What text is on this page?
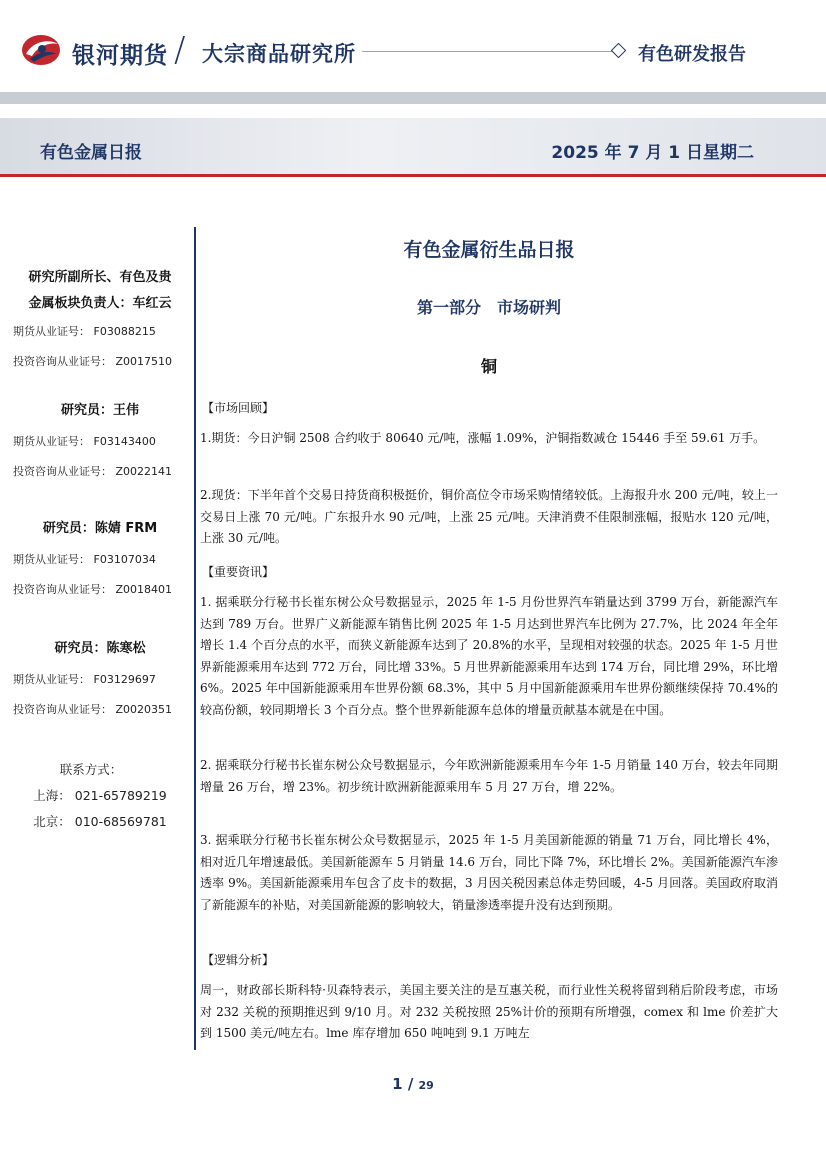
银河期货 / 大宗商品研究所	有色研发报告
有色金属日报	2025 年 7 月 1 日星期二
研究所副所长、有色及贵
金属板块负责人：车红云
期货从业证号： F03088215
投资咨询从业证号： Z0017510
研究员：王伟
期货从业证号： F03143400
投资咨询从业证号： Z0022141
研究员：陈婧 FRM
期货从业证号： F03107034
投资咨询从业证号： Z0018401
研究员：陈寒松
期货从业证号： F03129697
投资咨询从业证号： Z0020351
联系方式：
上海： 021-65789219
北京： 010-68569781
有色金属衍生品日报
第一部分　市场研判
铜
【市场回顾】
1.期货：今日沪铜 2508 合约收于 80640 元/吨，涨幅 1.09%，沪铜指数减仓 15446 手至 59.61 万手。
2.现货：下半年首个交易日持货商积极挺价，铜价高位令市场采购情绪较低。上海报升水 200 元/吨，较上一交易日上涨 70 元/吨。广东报升水 90 元/吨，上涨 25 元/吨。天津消费不佳限制涨幅，报贴水 120 元/吨，上涨 30 元/吨。
【重要资讯】
1. 据乘联分行秘书长崔东树公众号数据显示，2025 年 1-5 月份世界汽车销量达到 3799 万台，新能源汽车达到 789 万台。世界广义新能源车销售比例 2025 年 1-5 月达到世界汽车比例为 27.7%，比 2024 年全年增长 1.4 个百分点的水平，而狭义新能源车达到了 20.8%的水平，呈现相对较强的状态。2025 年 1-5 月世界新能源乘用车达到 772 万台，同比增 33%。5 月世界新能源乘用车达到 174 万台，同比增 29%，环比增 6%。2025 年中国新能源乘用车世界份额 68.3%，其中 5 月中国新能源乘用车世界份额继续保持 70.4%的较高份额，较同期增长 3 个百分点。整个世界新能源车总体的增量贡献基本就是在中国。
2. 据乘联分行秘书长崔东树公众号数据显示，今年欧洲新能源乘用车今年 1-5 月销量 140 万台，较去年同期增量 26 万台，增 23%。初步统计欧洲新能源乘用车 5 月 27 万台，增 22%。
3. 据乘联分行秘书长崔东树公众号数据显示，2025 年 1-5 月美国新能源的销量 71 万台，同比增长 4%，相对近几年增速最低。美国新能源车 5 月销量 14.6 万台，同比下降 7%，环比增长 2%。美国新能源汽车渗透率 9%。美国新能源乘用车包含了皮卡的数据，3 月因关税因素总体走势回暖，4-5 月回落。美国政府取消了新能源车的补贴，对美国新能源的影响较大，销量渗透率提升没有达到预期。
【逻辑分析】
周一，财政部长斯科特·贝森特表示，美国主要关注的是互惠关税，而行业性关税将留到稍后阶段考虑，市场对 232 关税的预期推迟到 9/10 月。对 232 关税按照 25%计价的预期有所增强，comex 和 lme 价差扩大到 1500 美元/吨左右。lme 库存增加 650 吨吨到 9.1 万吨左
1 / 29
